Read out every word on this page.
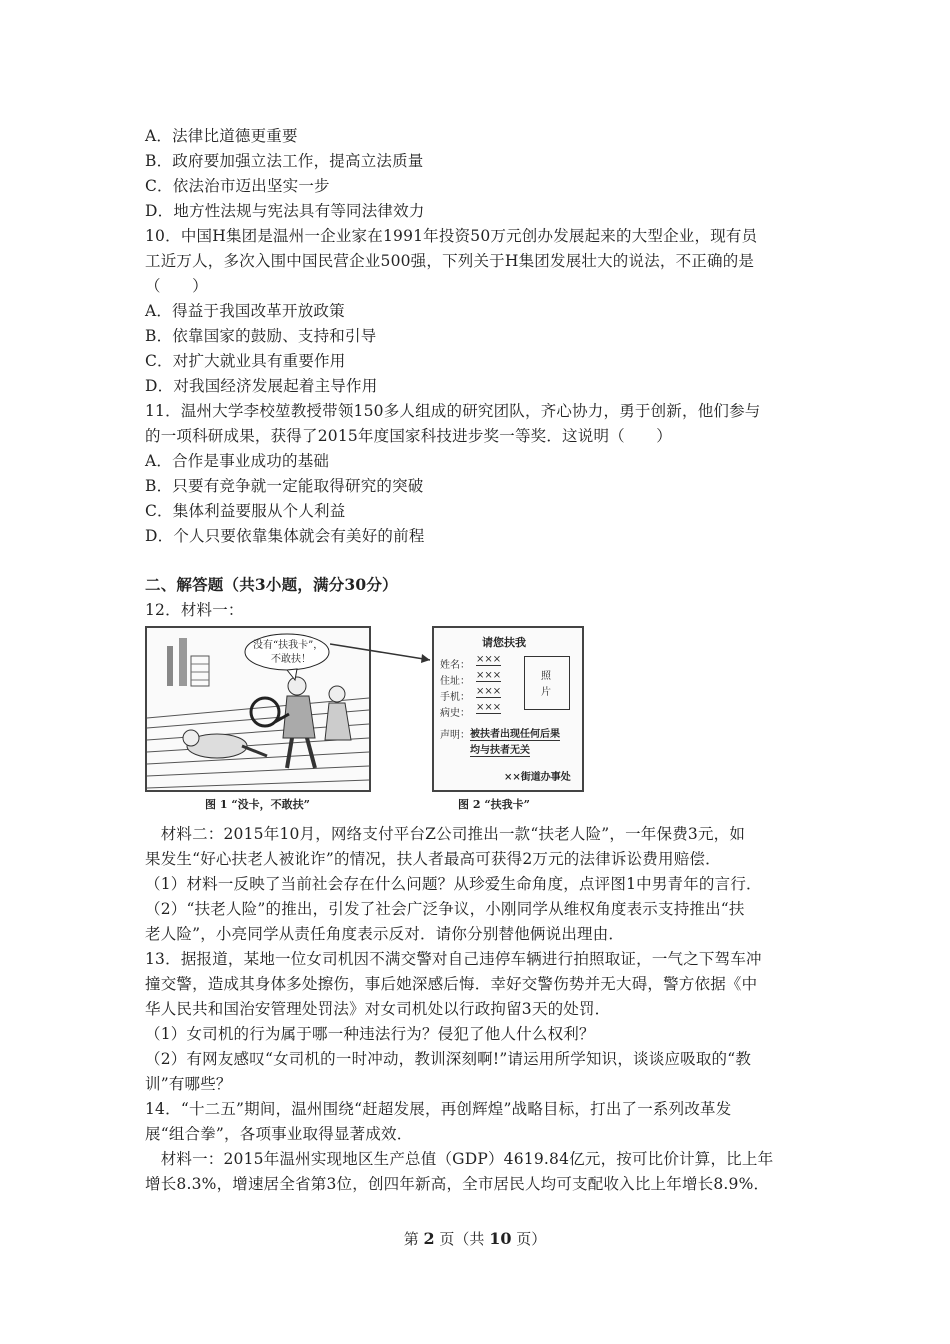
A．法律比道德更重要
B．政府要加强立法工作，提高立法质量
C．依法治市迈出坚实一步
D．地方性法规与宪法具有等同法律效力
10．中国H集团是温州一企业家在1991年投资50万元创办发展起来的大型企业，现有员
工近万人，多次入围中国民营企业500强，下列关于H集团发展壮大的说法，不正确的是
（　　）
A．得益于我国改革开放政策
B．依靠国家的鼓励、支持和引导
C．对扩大就业具有重要作用
D．对我国经济发展起着主导作用
11．温州大学李校堃教授带领150多人组成的研究团队，齐心协力，勇于创新，他们参与
的一项科研成果，获得了2015年度国家科技进步奖一等奖．这说明（　　）
A．合作是事业成功的基础
B．只要有竞争就一定能取得研究的突破
C．集体利益要服从个人利益
D．个人只要依靠集体就会有美好的前程
二、解答题（共3小题，满分30分）
12．材料一：
没有“扶我卡”，
不敢扶！
图 1 “没卡，不敢扶”
请您扶我
姓名：
×××
住址：
×××
手机：
×××
病史：
×××
照
片
声明： 被扶者出现任何后果
均与扶者无关
××街道办事处
图 2 “扶我卡”
　材料二：2015年10月，网络支付平台Z公司推出一款“扶老人险”，一年保费3元，如
果发生“好心扶老人被讹诈”的情况，扶人者最高可获得2万元的法律诉讼费用赔偿．
（1）材料一反映了当前社会存在什么问题？从珍爱生命角度，点评图1中男青年的言行．
（2）“扶老人险”的推出，引发了社会广泛争议，小刚同学从维权角度表示支持推出“扶
老人险”，小亮同学从责任角度表示反对．请你分别替他俩说出理由．
13．据报道，某地一位女司机因不满交警对自己违停车辆进行拍照取证，一气之下驾车冲
撞交警，造成其身体多处擦伤，事后她深感后悔．幸好交警伤势并无大碍，警方依据《中
华人民共和国治安管理处罚法》对女司机处以行政拘留3天的处罚．
（1）女司机的行为属于哪一种违法行为？侵犯了他人什么权利？
（2）有网友感叹“女司机的一时冲动，教训深刻啊!”请运用所学知识，谈谈应吸取的“教
训”有哪些？
14．“十二五”期间，温州围绕“赶超发展，再创辉煌”战略目标，打出了一系列改革发
展“组合拳”，各项事业取得显著成效．
　材料一：2015年温州实现地区生产总值（GDP）4619.84亿元，按可比价计算，比上年
增长8.3%，增速居全省第3位，创四年新高，全市居民人均可支配收入比上年增长8.9%．
第 2 页（共 10 页）
